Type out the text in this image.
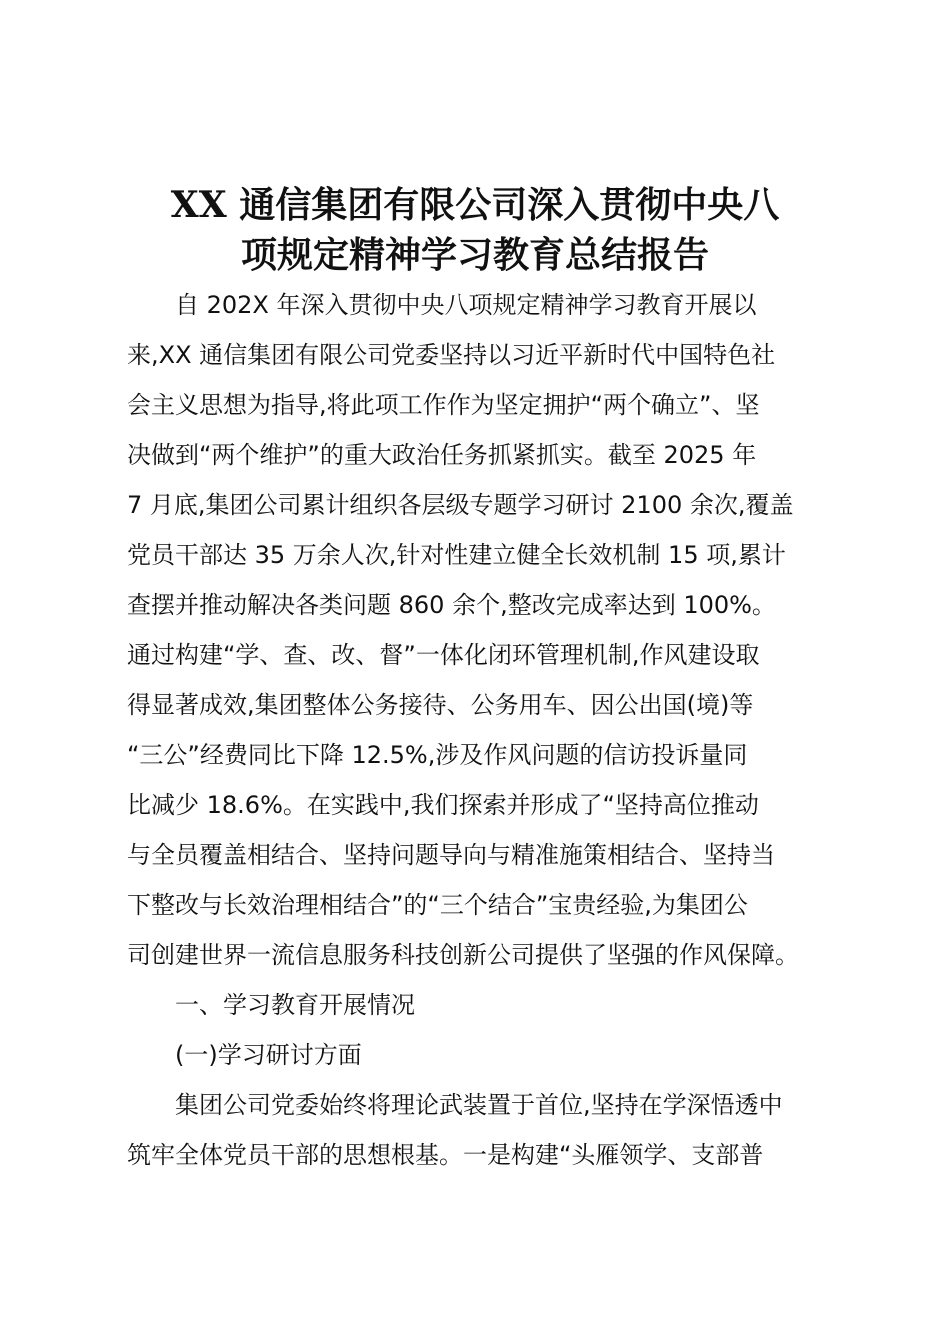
XX 通信集团有限公司深入贯彻中央八
项规定精神学习教育总结报告
自 202X 年深入贯彻中央八项规定精神学习教育开展以
来,XX 通信集团有限公司党委坚持以习近平新时代中国特色社
会主义思想为指导,将此项工作作为坚定拥护“两个确立”、坚
决做到“两个维护”的重大政治任务抓紧抓实。截至 2025 年
7 月底,集团公司累计组织各层级专题学习研讨 2100 余次,覆盖
党员干部达 35 万余人次,针对性建立健全长效机制 15 项,累计
查摆并推动解决各类问题 860 余个,整改完成率达到 100%。
通过构建“学、查、改、督”一体化闭环管理机制,作风建设取
得显著成效,集团整体公务接待、公务用车、因公出国(境)等
“三公”经费同比下降 12.5%,涉及作风问题的信访投诉量同
比减少 18.6%。在实践中,我们探索并形成了“坚持高位推动
与全员覆盖相结合、坚持问题导向与精准施策相结合、坚持当
下整改与长效治理相结合”的“三个结合”宝贵经验,为集团公
司创建世界一流信息服务科技创新公司提供了坚强的作风保障。

一、学习教育开展情况

(一)学习研讨方面

集团公司党委始终将理论武装置于首位,坚持在学深悟透中
筑牢全体党员干部的思想根基。一是构建“头雁领学、支部普
